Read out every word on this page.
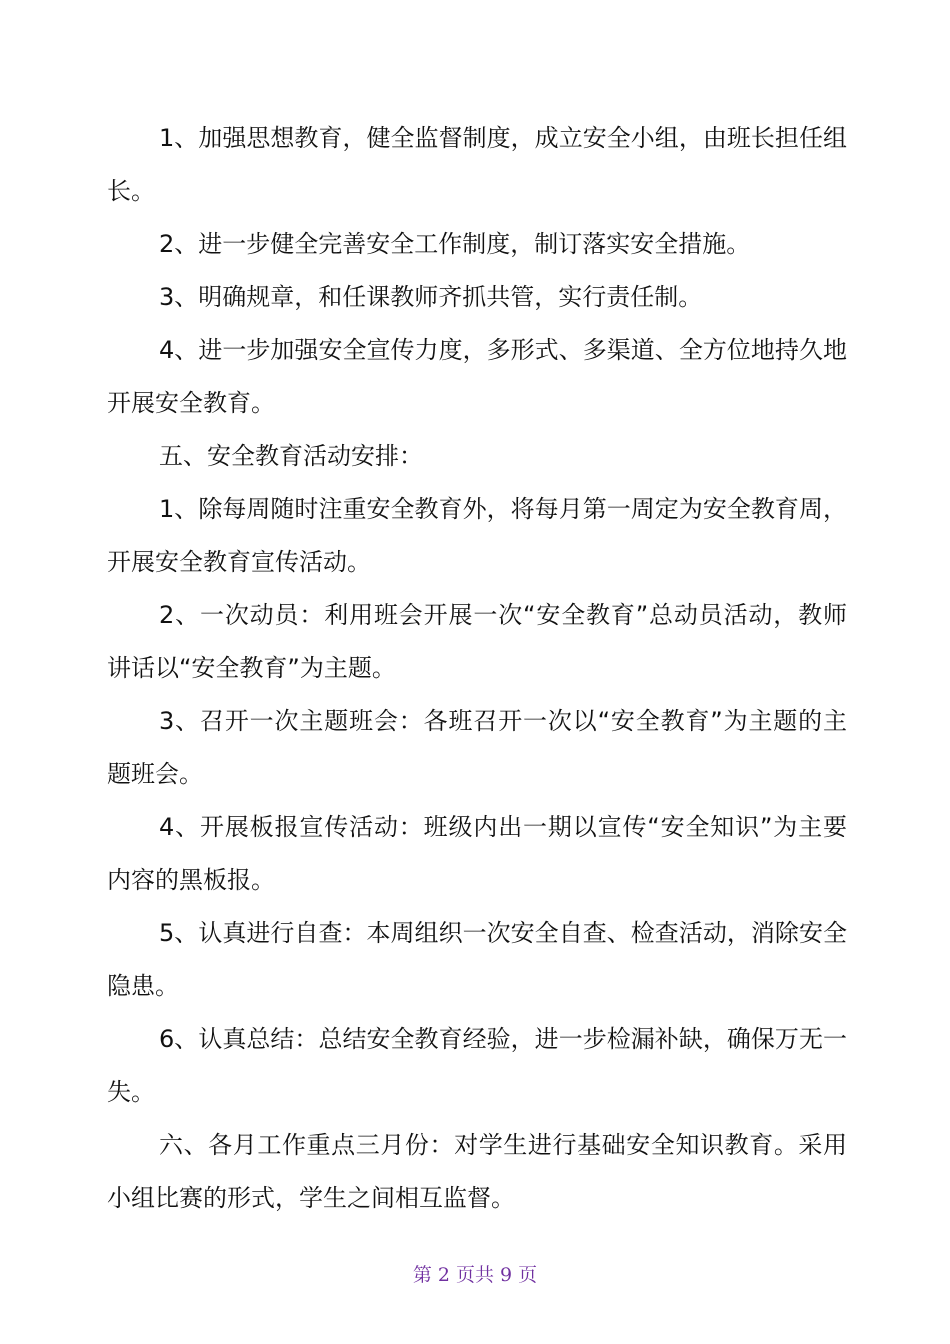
1、加强思想教育，健全监督制度，成立安全小组，由班长担任组长。

2、进一步健全完善安全工作制度，制订落实安全措施。

3、明确规章，和任课教师齐抓共管，实行责任制。

4、进一步加强安全宣传力度，多形式、多渠道、全方位地持久地开展安全教育。

五、安全教育活动安排：

1、除每周随时注重安全教育外，将每月第一周定为安全教育周，开展安全教育宣传活动。

2、一次动员：利用班会开展一次“安全教育”总动员活动，教师讲话以“安全教育”为主题。

3、召开一次主题班会：各班召开一次以“安全教育”为主题的主题班会。

4、开展板报宣传活动：班级内出一期以宣传“安全知识”为主要内容的黑板报。

5、认真进行自查：本周组织一次安全自查、检查活动，消除安全隐患。

6、认真总结：总结安全教育经验，进一步检漏补缺，确保万无一失。

六、各月工作重点三月份：对学生进行基础安全知识教育。采用小组比赛的形式，学生之间相互监督。

第 2 页共 9 页
